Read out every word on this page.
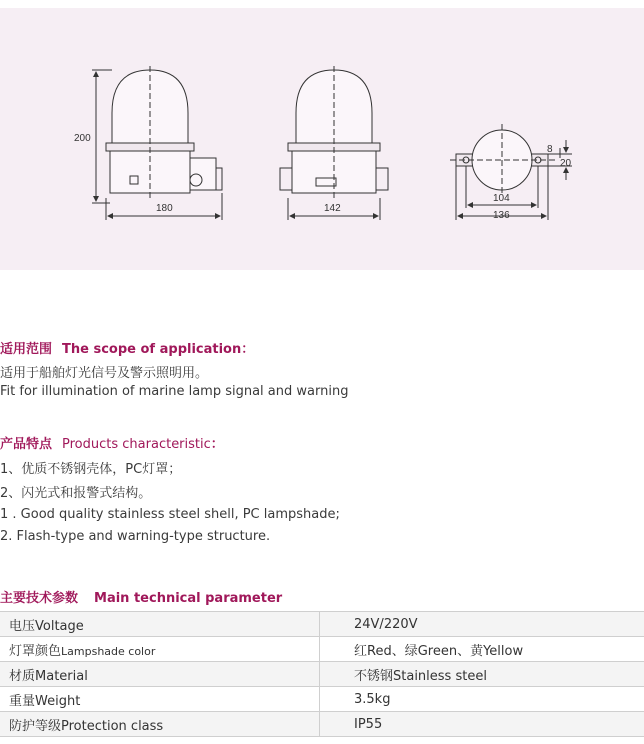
200
180	142
104
136
8
20
适用范围 The scope of application：
适用于船舶灯光信号及警示照明用。
Fit for illumination of marine lamp signal and warning
产品特点 Products characteristic：
1、优质不锈钢壳体，PC灯罩；
2、闪光式和报警式结构。
1 . Good quality stainless steel shell, PC lampshade;
2. Flash-type and warning-type structure.
主要技术参数 Main technical parameter
电压Voltage	24V/220V
灯罩颜色Lampshade color	红Red、绿Green、黄Yellow
材质Material	不锈钢Stainless steel
重量Weight	3.5kg
防护等级Protection class	IP55
